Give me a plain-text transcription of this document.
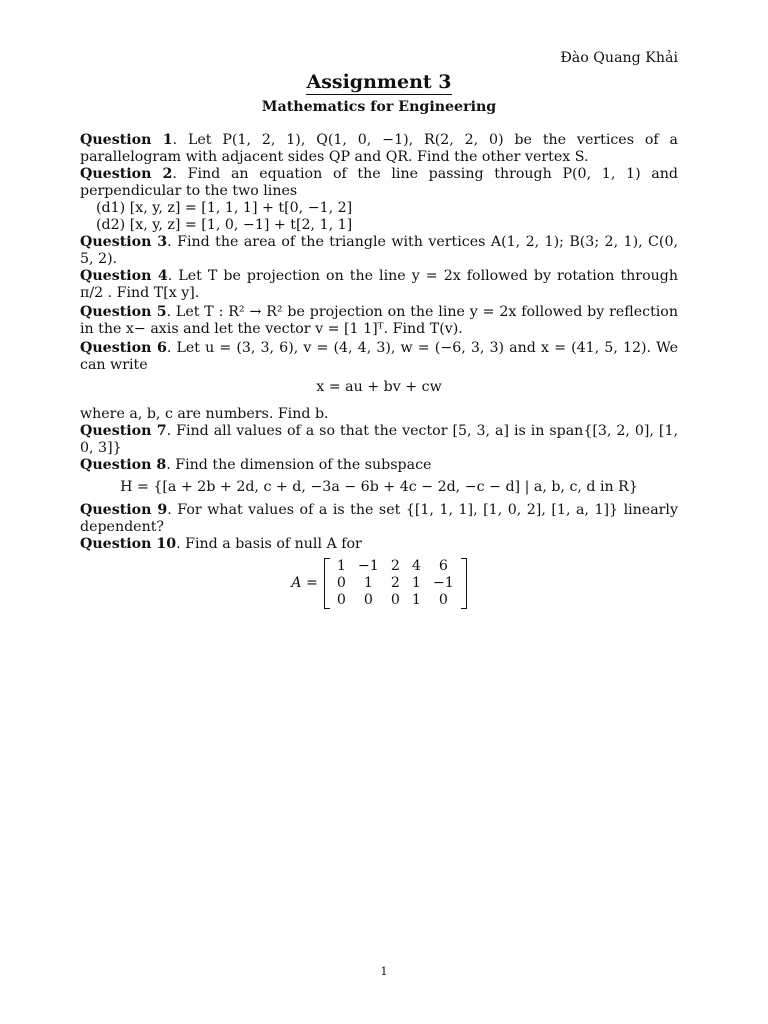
Đào Quang Khải
Assignment 3
Mathematics for Engineering
Question 1. Let P(1, 2, 1), Q(1, 0, −1), R(2, 2, 0) be the vertices of a parallelogram with adjacent sides QP and QR. Find the other vertex S.
Question 2. Find an equation of the line passing through P(0, 1, 1) and perpendicular to the two lines
(d1) [x, y, z] = [1, 1, 1] + t[0, −1, 2]
(d2) [x, y, z] = [1, 0, −1] + t[2, 1, 1]
Question 3. Find the area of the triangle with vertices A(1, 2, 1); B(3; 2, 1), C(0, 5, 2).
Question 4. Let T be projection on the line y = 2x followed by rotation through π/2 . Find T[x y].
Question 5. Let T : R² → R² be projection on the line y = 2x followed by reflection in the x− axis and let the vector v = [1 1]ᵀ. Find T(v).
Question 6. Let u = (3, 3, 6), v = (4, 4, 3), w = (−6, 3, 3) and x = (41, 5, 12). We can write
x = au + bv + cw
where a, b, c are numbers. Find b.
Question 7. Find all values of a so that the vector [5, 3, a] is in span{[3, 2, 0], [1, 0, 3]}
Question 8. Find the dimension of the subspace
H = {[a + 2b + 2d, c + d, −3a − 6b + 4c − 2d, −c − d] | a, b, c, d in R}
Question 9. For what values of a is the set {[1, 1, 1], [1, 0, 2], [1, a, 1]} linearly dependent?
Question 10. Find a basis of null A for
A =
1	−1	2	4	6
0	1	2	1	−1
0	0	0	1	0
1
